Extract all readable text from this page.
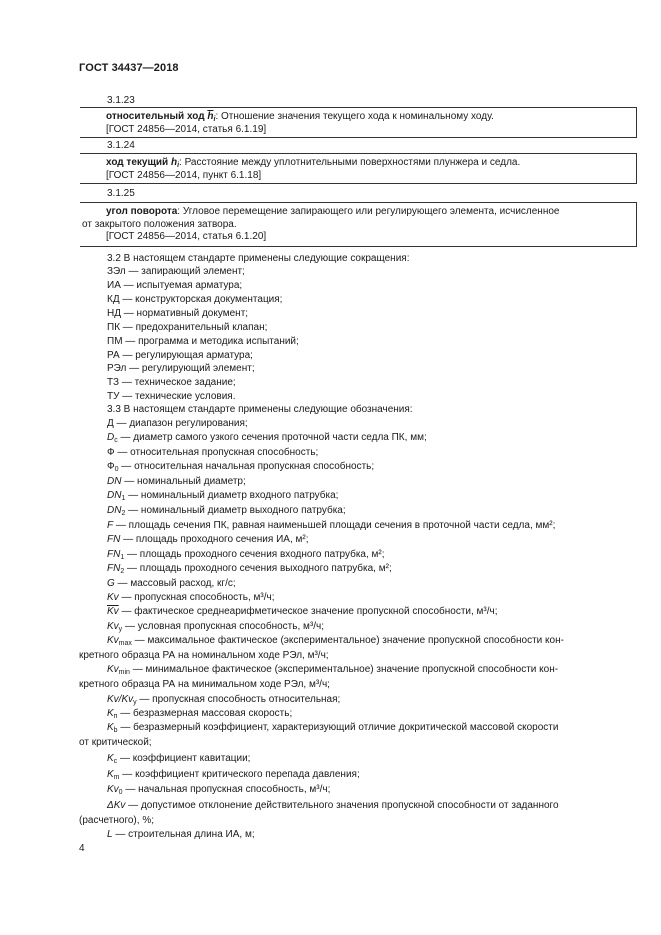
ГОСТ 34437—2018
3.1.23
относительный ход $\overline{h}_i$: Отношение значения текущего хода к номинальному ходу.
[ГОСТ 24856—2014, статья 6.1.19]
3.1.24
ход текущий $h_i$: Расстояние между уплотнительными поверхностями плунжера и седла.
[ГОСТ 24856—2014, пункт 6.1.18]
3.1.25
угол поворота: Угловое перемещение запирающего или регулирующего элемента, исчисленное
от закрытого положения затвора.
[ГОСТ 24856—2014, статья 6.1.20]
3.2 В настоящем стандарте применены следующие сокращения:
ЗЭл — запирающий элемент;
ИА — испытуемая арматура;
КД — конструкторская документация;
НД — нормативный документ;
ПК — предохранительный клапан;
ПМ — программа и методика испытаний;
РА — регулирующая арматура;
РЭл — регулирующий элемент;
ТЗ — техническое задание;
ТУ — технические условия.
3.3 В настоящем стандарте применены следующие обозначения:
Д — диапазон регулирования;
$D_c$ — диаметр самого узкого сечения проточной части седла ПК, мм;
Ф — относительная пропускная способность;
$Ф_0$ — относительная начальная пропускная способность;
DN — номинальный диаметр;
$DN_1$ — номинальный диаметр входного патрубка;
$DN_2$ — номинальный диаметр выходного патрубка;
F — площадь сечения ПК, равная наименьшей площади сечения в проточной части седла, мм²;
FN — площадь проходного сечения ИА, м²;
$FN_1$ — площадь проходного сечения входного патрубка, м²;
$FN_2$ — площадь проходного сечения выходного патрубка, м²;
G — массовый расход, кг/с;
Kv — пропускная способность, м³/ч;
$\overline{Kv}$ — фактическое среднеарифметическое значение пропускной способности, м³/ч;
$Kv_y$ — условная пропускная способность, м³/ч;
$Kv_{max}$ — максимальное фактическое (экспериментальное) значение пропускной способности кон-
кретного образца РА на номинальном ходе РЭл, м³/ч;
$Kv_{min}$ — минимальное фактическое (экспериментальное) значение пропускной способности кон-
кретного образца РА на минимальном ходе РЭл, м³/ч;
$Kv/Kv_y$ — пропускная способность относительная;
$K_п$ — безразмерная массовая скорость;
$K_b$ — безразмерный коэффициент, характеризующий отличие докритической массовой скорости
от критической;
$K_c$ — коэффициент кавитации;
$K_m$ — коэффициент критического перепада давления;
$Kv_0$ — начальная пропускная способность, м³/ч;
ΔKv — допустимое отклонение действительного значения пропускной способности от заданного
(расчетного), %;
L — строительная длина ИА, м;
4
